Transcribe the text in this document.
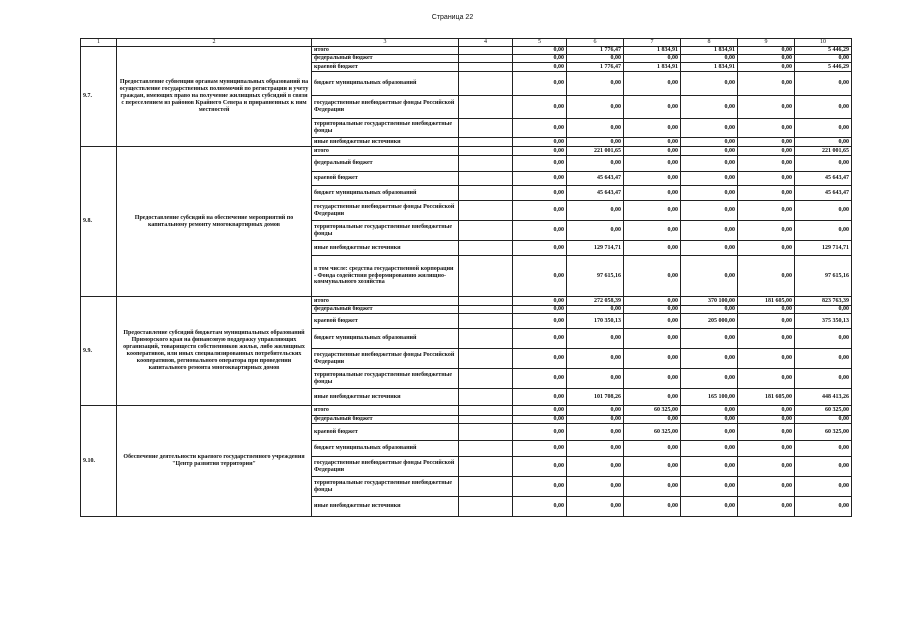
Страница 22
1	2	3	4	5	6	7	8	9	10
9.7.	Предоставление субвенции органам муниципальных образований на осуществление государственных полномочий по регистрации и учету граждан, имеющих право на получение жилищных субсидий в связи с переселением из районов Крайнего Севера и приравненных к ним местностей	итого		0,00	1 776,47	1 834,91	1 834,91	0,00	5 446,29
		федеральный бюджет		0,00	0,00	0,00	0,00	0,00	0,00
		краевой бюджет		0,00	1 776,47	1 834,91	1 834,91	0,00	5 446,29
		бюджет муниципальных образований		0,00	0,00	0,00	0,00	0,00	0,00
		государственные внебюджетные фонды Российской Федерации		0,00	0,00	0,00	0,00	0,00	0,00
		территориальные государственные внебюджетные фонды		0,00	0,00	0,00	0,00	0,00	0,00
		иные внебюджетные источники		0,00	0,00	0,00	0,00	0,00	0,00
9.8.	Предоставление субсидий на обеспечение мероприятий по капитальному ремонту многоквартирных домов	итого		0,00	221 001,65	0,00	0,00	0,00	221 001,65
		федеральный бюджет		0,00	0,00	0,00	0,00	0,00	0,00
		краевой бюджет		0,00	45 643,47	0,00	0,00	0,00	45 643,47
		бюджет муниципальных образований		0,00	45 643,47	0,00	0,00	0,00	45 643,47
		государственные внебюджетные фонды Российской Федерации		0,00	0,00	0,00	0,00	0,00	0,00
		территориальные государственные внебюджетные фонды		0,00	0,00	0,00	0,00	0,00	0,00
		иные внебюджетные источники		0,00	129 714,71	0,00	0,00	0,00	129 714,71
		в том числе: средства государственной корпорации - Фонда содействия реформированию жилищно-коммунального хозяйства		0,00	97 615,16	0,00	0,00	0,00	97 615,16
9.9.	Предоставление субсидий бюджетам муниципальных образований Приморского края на финансовую поддержку управляющих организаций, товариществ собственников жилья, либо жилищных кооперативов, или иных специализированных потребительских кооперативов, регионального оператора при проведении капитального ремонта многоквартирных домов	итого		0,00	272 058,39	0,00	370 100,00	181 605,00	823 763,39
		федеральный бюджет		0,00	0,00	0,00	0,00	0,00	0,00
		краевой бюджет		0,00	170 350,13	0,00	205 000,00	0,00	375 350,13
		бюджет муниципальных образований		0,00	0,00	0,00	0,00	0,00	0,00
		государственные внебюджетные фонды Российской Федерации		0,00	0,00	0,00	0,00	0,00	0,00
		территориальные государственные внебюджетные фонды		0,00	0,00	0,00	0,00	0,00	0,00
		иные внебюджетные источники		0,00	101 708,26	0,00	165 100,00	181 605,00	448 413,26
9.10.	Обеспечение деятельности краевого государственного учреждения "Центр развития территории"	итого		0,00	0,00	60 325,00	0,00	0,00	60 325,00
		федеральный бюджет		0,00	0,00	0,00	0,00	0,00	0,00
		краевой бюджет		0,00	0,00	60 325,00	0,00	0,00	60 325,00
		бюджет муниципальных образований		0,00	0,00	0,00	0,00	0,00	0,00
		государственные внебюджетные фонды Российской Федерации		0,00	0,00	0,00	0,00	0,00	0,00
		территориальные государственные внебюджетные фонды		0,00	0,00	0,00	0,00	0,00	0,00
		иные внебюджетные источники		0,00	0,00	0,00	0,00	0,00	0,00
